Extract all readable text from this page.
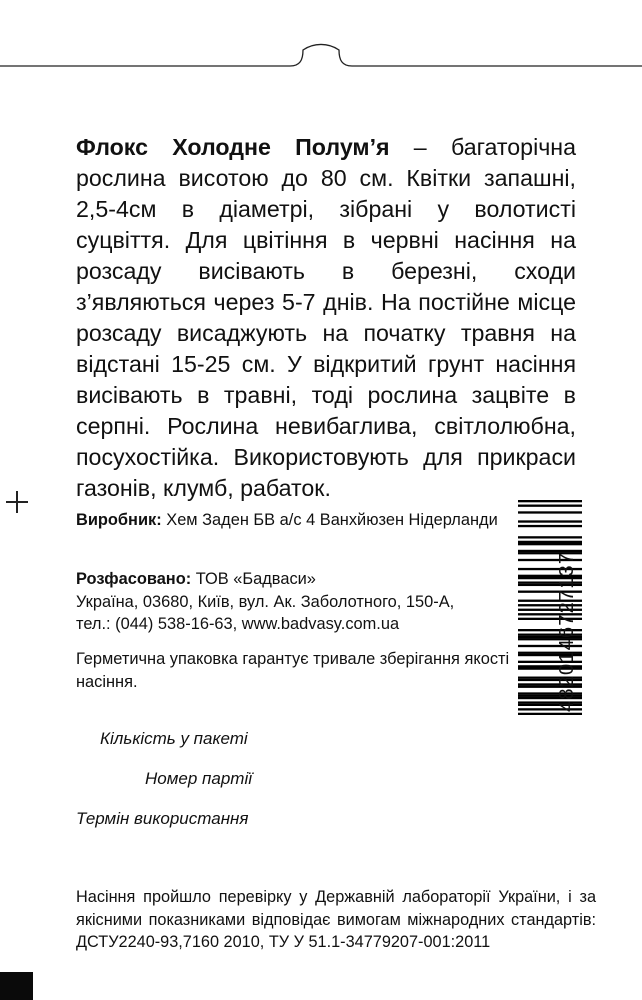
Флокс Холодне Полум’я – багаторічна рослина висотою до 80 см. Квітки запашні, 2,5-4см в діаметрі, зібрані у волотисті суцвіття. Для цвітіння в червні насіння на розсаду висівають в березні, сходи з’являються через 5-7 днів. На постійне місце розсаду висаджують на початку травня на відстані 15-25 см. У відкритий грунт насіння висівають в травні, тоді рослина зацвіте в серпні. Рослина невибаглива, світлолюбна, посухостійка. Використовують для прикраси газонів, клумб, рабаток.

Виробник: Хем Заден БВ а/с 4 Ванхйюзен Нідерланди

Розфасовано: ТОВ «Бадваси»
Україна, 03680, Київ, вул. Ак. Заболотного, 150-А,
тел.: (044) 538-16-63, www.badvasy.com.ua

Герметична упаковка гарантує тривале зберігання якості насіння.

Кількість у пакеті
Номер партії
Термін використання

Насіння пройшло перевірку у Державній лабораторії України, і за якісними показниками відповідає вимогам міжнародних стандартів: ДСТУ2240-93,7160 2010, ТУ У 51.1-34779207-001:2011

4820146727137
